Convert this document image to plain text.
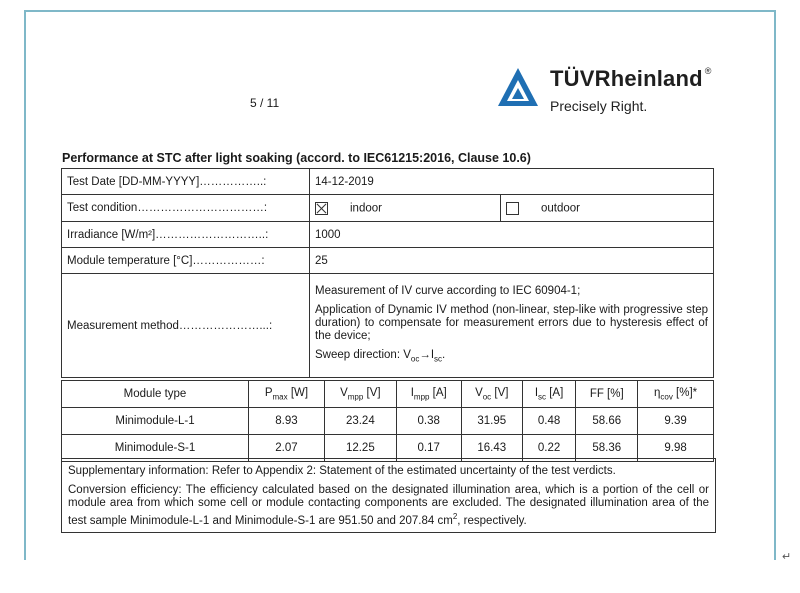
5 / 11
TÜVRheinland ®
Precisely Right.
Performance at STC after light soaking (accord. to IEC61215:2016, Clause 10.6)
Test Date [DD-MM-YYYY]……………..:	14-12-2019	
Test condition……………………………:	indoor	outdoor
Irradiance [W/m²]………………………..:	1000	
Module temperature [°C]………………:	25	
Measurement method…………………...:	Measurement of IV curve according to IEC 60904-1;

Application of Dynamic IV method (non-linear, step-like with progressive step duration) to compensate for measurement errors due to hysteresis effect of the device;

Sweep direction: $V_{oc}\to I_{sc}$.	

Module type	$P_{max}$ [W]	$V_{mpp}$ [V]	$I_{mpp}$ [A]	$V_{oc}$ [V]	$I_{sc}$ [A]	FF [%]	$\eta_{cov}$ [%]*
Minimodule-L-1	8.93	23.24	0.38	31.95	0.48	58.66	9.39
Minimodule-S-1	2.07	12.25	0.17	16.43	0.22	58.36	9.98

Supplementary information: Refer to Appendix 2: Statement of the estimated uncertainty of the test verdicts.

Conversion efficiency: The efficiency calculated based on the designated illumination area, which is a portion of the cell or module area from which some cell or module contacting components are excluded. The designated illumination area of the test sample Minimodule-L-1 and Minimodule-S-1 are 951.50 and 207.84 $cm^2$, respectively.

↵
